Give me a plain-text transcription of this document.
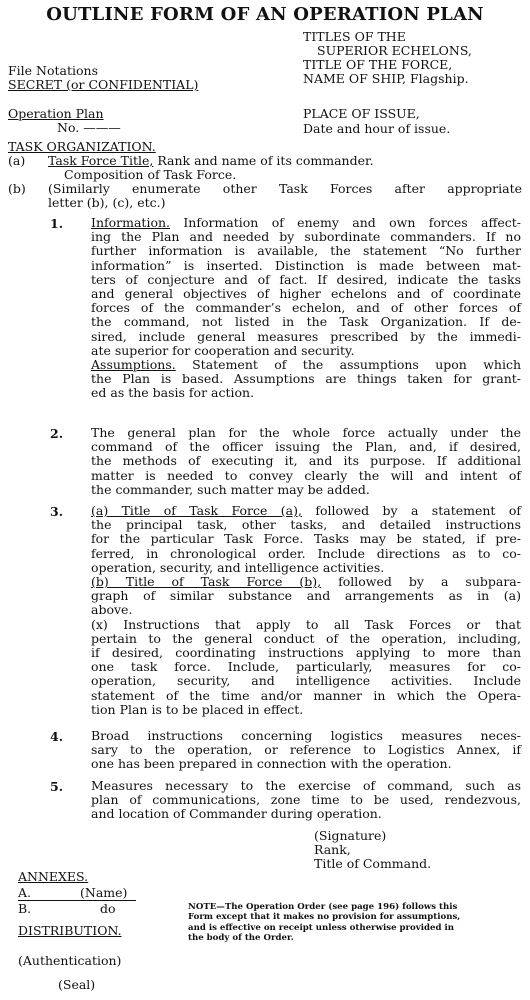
OUTLINE FORM OF AN OPERATION PLAN
TITLES OF THE
SUPERIOR ECHELONS,
TITLE OF THE FORCE,
NAME OF SHIP, Flagship.
File Notations
SECRET (or CONFIDENTIAL)
Operation Plan
No. ———
PLACE OF ISSUE,
Date and hour of issue.
TASK ORGANIZATION.
(a) Task Force Title, Rank and name of its commander.
Composition of Task Force.
(b) (Similarly enumerate other Task Forces after appropriate
letter (b), (c), etc.)
1. Information. Information of enemy and own forces affect-
ing the Plan and needed by subordinate commanders. If no
further information is available, the statement “No further
information” is inserted. Distinction is made between mat-
ters of conjecture and of fact. If desired, indicate the tasks
and general objectives of higher echelons and of coordinate
forces of the commander’s echelon, and of other forces of
the command, not listed in the Task Organization. If de-
sired, include general measures prescribed by the immedi-
ate superior for cooperation and security.
Assumptions. Statement of the assumptions upon which
the Plan is based. Assumptions are things taken for grant-
ed as the basis for action.
2. The general plan for the whole force actually under the
command of the officer issuing the Plan, and, if desired,
the methods of executing it, and its purpose. If additional
matter is needed to convey clearly the will and intent of
the commander, such matter may be added.
3. (a) Title of Task Force (a), followed by a statement of
the principal task, other tasks, and detailed instructions
for the particular Task Force. Tasks may be stated, if pre-
ferred, in chronological order. Include directions as to co-
operation, security, and intelligence activities.
(b) Title of Task Force (b), followed by a subpara-
graph of similar substance and arrangements as in (a)
above.
(x) Instructions that apply to all Task Forces or that
pertain to the general conduct of the operation, including,
if desired, coordinating instructions applying to more than
one task force. Include, particularly, measures for co-
operation, security, and intelligence activities. Include
statement of the time and/or manner in which the Opera-
tion Plan is to be placed in effect.
4. Broad instructions concerning logistics measures neces-
sary to the operation, or reference to Logistics Annex, if
one has been prepared in connection with the operation.
5. Measures necessary to the exercise of command, such as
plan of communications, zone time to be used, rendezvous,
and location of Commander during operation.
(Signature)
Rank,
Title of Command.
ANNEXES.
A.	(Name)
B.	do
DISTRIBUTION.
(Authentication)
(Seal)
NOTE—The Operation Order (see page 196) follows this
Form except that it makes no provision for assumptions,
and is effective on receipt unless otherwise provided in
the body of the Order.
